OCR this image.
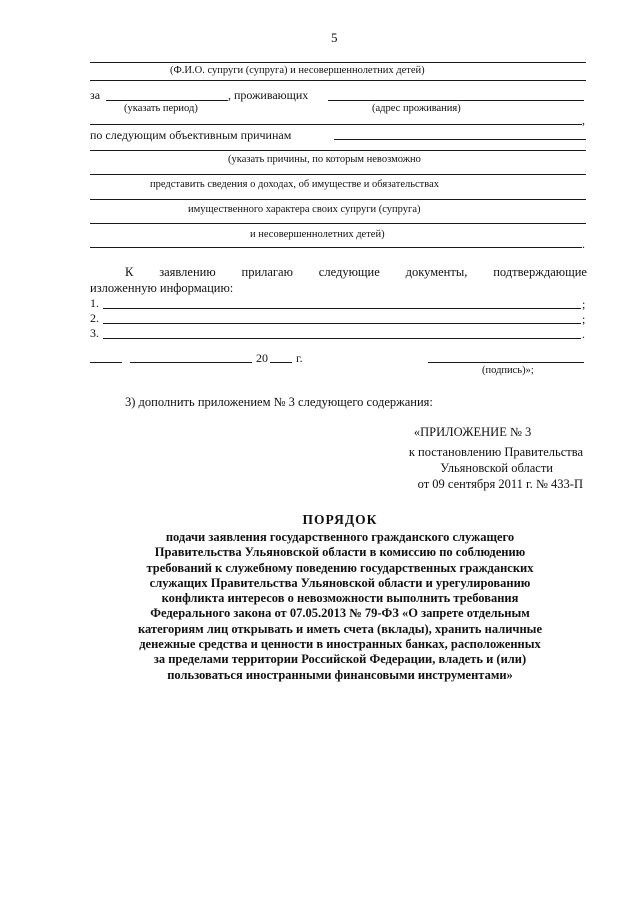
5
(Ф.И.О. супруги (супруга) и несовершеннолетних детей)
за	, проживающих
(указать период)	(адрес проживания)
,
по следующим объективным причинам
(указать причины, по которым невозможно
представить сведения о доходах, об имуществе и обязательствах
имущественного характера своих супруги (супруга)
и несовершеннолетних детей)
.
К заявлению прилагаю следующие документы, подтверждающие
изложенную информацию:
1.	;
2.	;
3.	.
20 г.
(подпись)»;
3) дополнить приложением № 3 следующего содержания:
«ПРИЛОЖЕНИЕ № 3
к постановлению Правительства
Ульяновской области
от 09 сентября 2011 г. № 433-П
ПОРЯДОК
подачи заявления государственного гражданского служащего
Правительства Ульяновской области в комиссию по соблюдению
требований к служебному поведению государственных гражданских
служащих Правительства Ульяновской области и урегулированию
конфликта интересов о невозможности выполнить требования
Федерального закона от 07.05.2013 № 79-ФЗ «О запрете отдельным
категориям лиц открывать и иметь счета (вклады), хранить наличные
денежные средства и ценности в иностранных банках, расположенных
за пределами территории Российской Федерации, владеть и (или)
пользоваться иностранными финансовыми инструментами»
